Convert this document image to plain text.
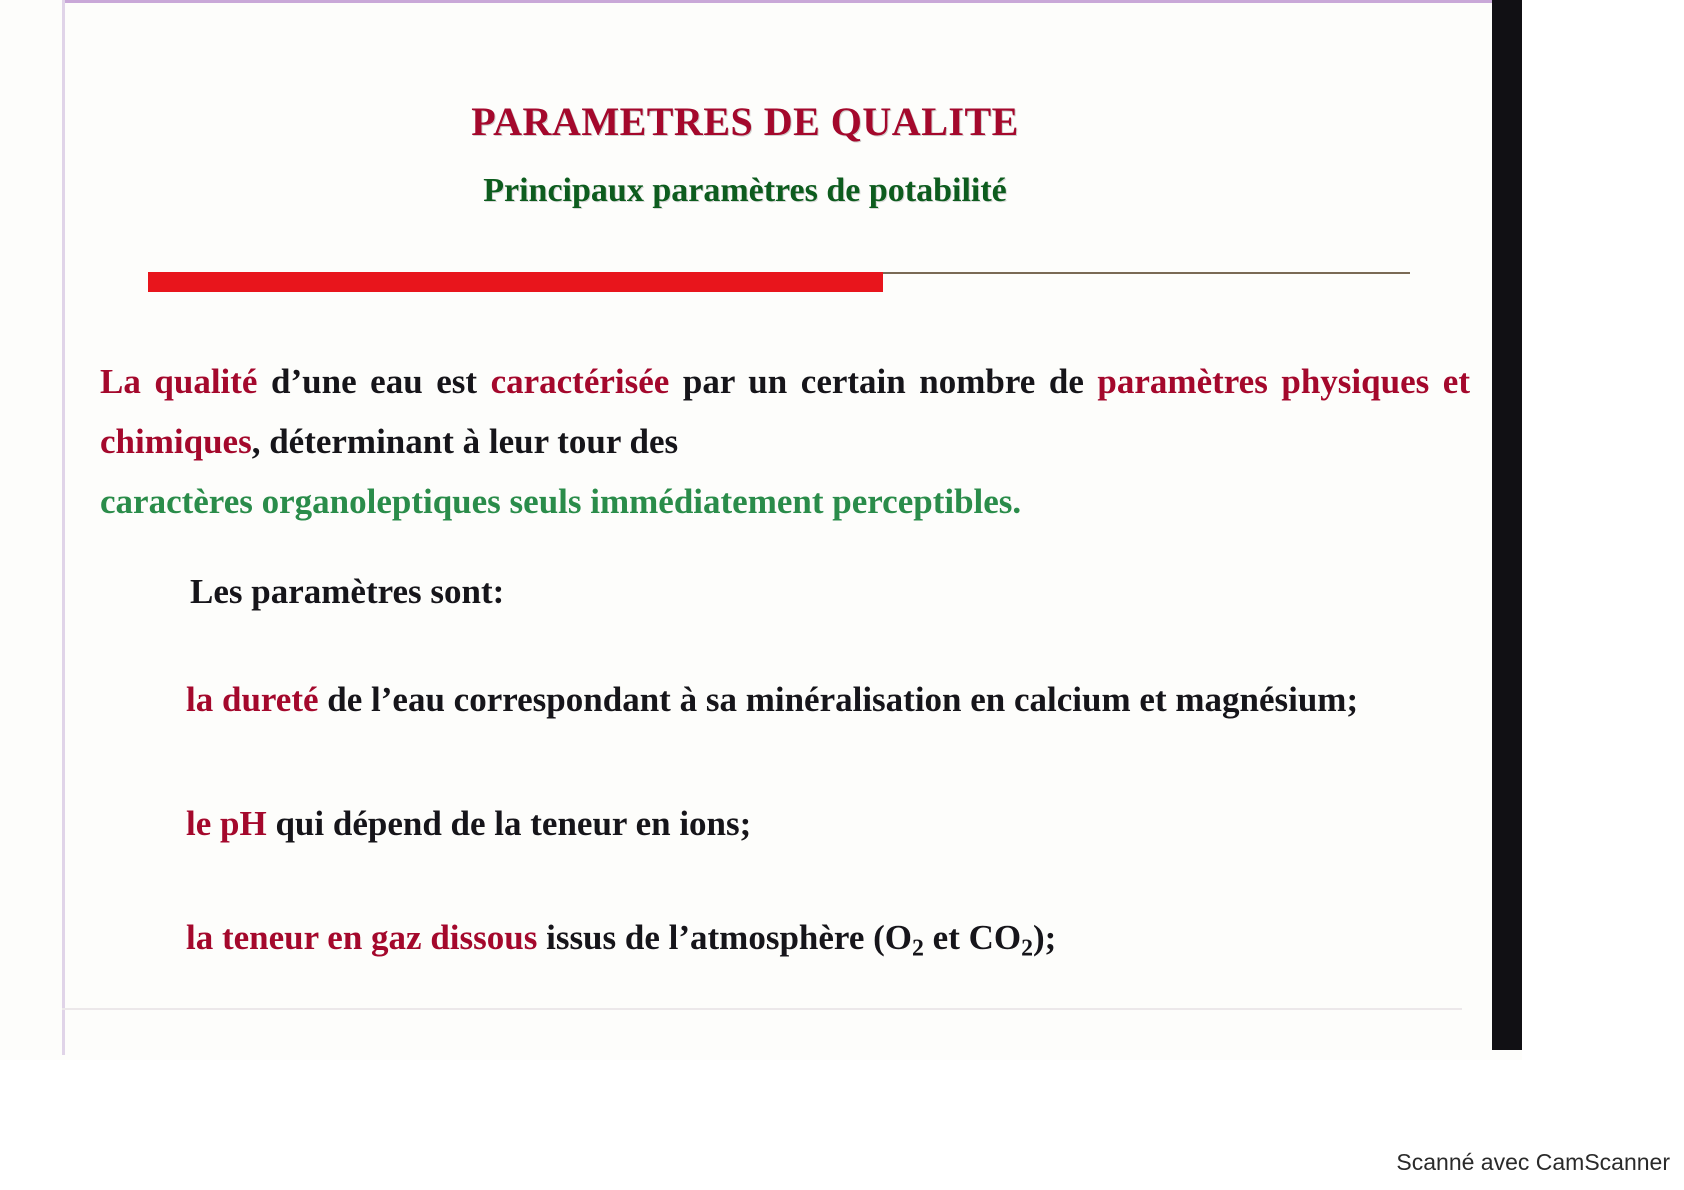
PARAMETRES DE QUALITE
Principaux paramètres de potabilité
La qualité d’une eau est caractérisée par un certain nombre de paramètres physiques et chimiques, déterminant à leur tour des
caractères organoleptiques seuls immédiatement perceptibles.
Les paramètres sont:
la dureté de l’eau correspondant à sa minéralisation en calcium et magnésium;
le pH qui dépend de la teneur en ions;
la teneur en gaz dissous issus de l’atmosphère ($O_2$ et $CO_2$);
Scanné avec CamScanner
